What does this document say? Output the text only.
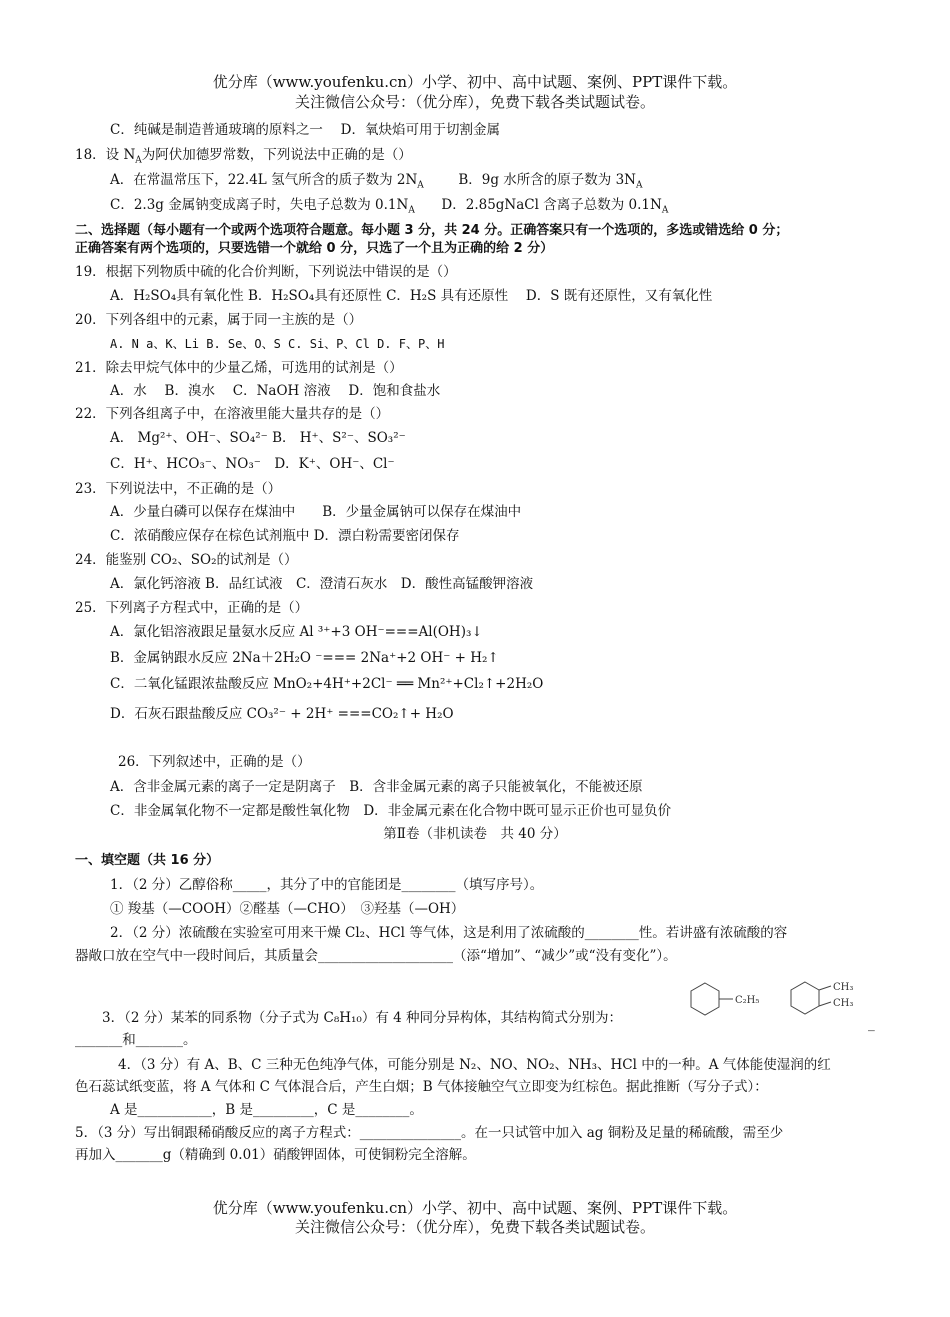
优分库（www.youfenku.cn）小学、初中、高中试题、案例、PPT课件下载。
关注微信公众号：（优分库），免费下载各类试题试卷。
C．纯碱是制造普通玻璃的原料之一　 D．氧炔焰可用于切割金属
18．设 $N_A$为阿伏加德罗常数，下列说法中正确的是（）
A．在常温常压下，22.4L 氢气所含的质子数为 $2N_A$	B．9g 水所含的原子数为 $3N_A$
C．2.3g 金属钠变成离子时，失电子总数为 $0.1N_A$ D．2.85gNaCl 含离子总数为 $0.1N_A$
二、选择题（每小题有一个或两个选项符合题意。每小题 3 分，共 24 分。正确答案只有一个选项的，多选或错选给 0 分；
正确答案有两个选项的，只要选错一个就给 0 分，只选了一个且为正确的给 2 分）
19．根据下列物质中硫的化合价判断，下列说法中错误的是（）
A．H₂SO₄具有氧化性 B．H₂SO₄具有还原性 C．H₂S 具有还原性　 D．S 既有还原性，又有氧化性
20．下列各组中的元素，属于同一主族的是（）
A. N a、K、Li B. Se、O、S C. Si、P、Cl D. F、P、H
21．除去甲烷气体中的少量乙烯，可选用的试剂是（）
A．水　 B．溴水　 C．NaOH 溶液　 D．饱和食盐水
22．下列各组离子中，在溶液里能大量共存的是（）
A． Mg²⁺、OH⁻、SO₄²⁻ B． H⁺、S²⁻、SO₃²⁻
C．H⁺、HCO₃⁻、NO₃⁻　D．K⁺、OH⁻、Cl⁻
23．下列说法中，不正确的是（）
A．少量白磷可以保存在煤油中　　B．少量金属钠可以保存在煤油中
C．浓硝酸应保存在棕色试剂瓶中 D．漂白粉需要密闭保存
24．能鉴别 CO₂、SO₂的试剂是（）
A．氯化钙溶液 B．品红试液　C．澄清石灰水　D．酸性高锰酸钾溶液
25．下列离子方程式中，正确的是（）
A．氯化铝溶液跟足量氨水反应 Al ³⁺+3 OH⁻===Al(OH)₃↓
B．金属钠跟水反应 2Na＋2H₂O ⁻=== 2Na⁺+2 OH⁻ + H₂↑
C．二氧化锰跟浓盐酸反应 MnO₂+4H⁺+2Cl⁻ ══ Mn²⁺+Cl₂↑+2H₂O
D．石灰石跟盐酸反应 CO₃²⁻ + 2H⁺ ===CO₂↑+ H₂O
26．下列叙述中，正确的是（）
A．含非金属元素的离子一定是阴离子　B．含非金属元素的离子只能被氧化，不能被还原
C．非金属氧化物不一定都是酸性氧化物　D．非金属元素在化合物中既可显示正价也可显负价
第Ⅱ卷（非机读卷　共 40 分）
一、填空题（共 16 分）
1．（2 分）乙醇俗称_____，其分了中的官能团是________（填写序号）。
① 羧基（—COOH）②醛基（—CHO）　③羟基（—OH）
2．（2 分）浓硫酸在实验室可用来干燥 Cl₂、HCl 等气体，这是利用了浓硫酸的________性。若讲盛有浓硫酸的容
器敞口放在空气中一段时间后，其质量会____________________（添“增加”、“减少”或“没有变化”）。
C₂H₅
CH₃
CH₃
3．（2 分）某苯的同系物（分子式为 C₈H₁₀）有 4 种同分异构体，其结构简式分别为：	_
_______和_______。
4．（3 分）有 A、B、C 三种无色纯净气体，可能分别是 N₂、NO、NO₂、NH₃、HCl 中的一种。A 气体能使湿润的红
色石蕊试纸变蓝，将 A 气体和 C 气体混合后，产生白烟；B 气体接触空气立即变为红棕色。据此推断（写分子式）：
A 是___________，B 是_________，C 是________。
5．（3 分）写出铜跟稀硝酸反应的离子方程式：_______________。在一只试管中加入 ag 铜粉及足量的稀硫酸，需至少
再加入_______g（精确到 0.01）硝酸钾固体，可使铜粉完全溶解。
优分库（www.youfenku.cn）小学、初中、高中试题、案例、PPT课件下载。
关注微信公众号：（优分库），免费下载各类试题试卷。
